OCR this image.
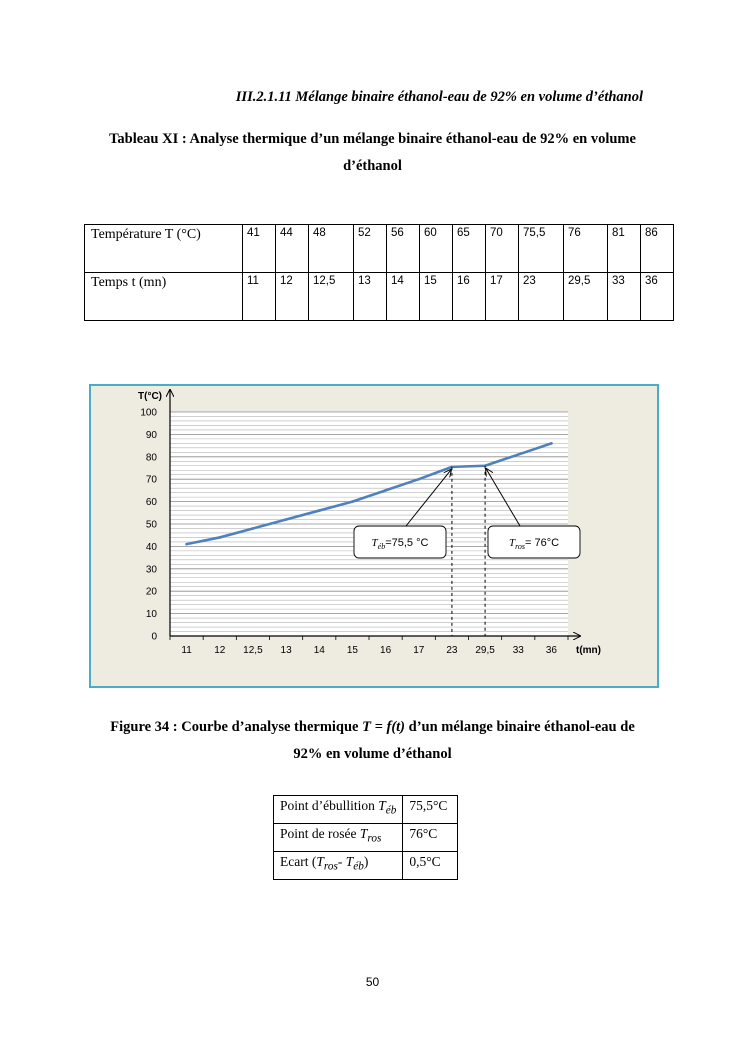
III.2.1.11 Mélange binaire éthanol-eau de 92% en volume d’éthanol
Tableau XI : Analyse thermique d’un mélange binaire éthanol-eau de 92% en volume
d’éthanol
Température T (°C)	41	44	48	52	56	60	65	70	75,5	76	81	86
Temps t (mn)	11	12	12,5	13	14	15	16	17	23	29,5	33	36
0
10
20
30
40
50
60
70
80
90
100
11 12 12,5 13 14 15 16 17 23 29,5 33 36
T(°C)
t(mn)
$T_{éb}=75,5$ °C	$T_{ros}= 76^\circ C$
Figure 34 : Courbe d’analyse thermique T = f(t) d’un mélange binaire éthanol-eau de
92% en volume d’éthanol
Point d’ébullition $T_{éb}$	75,5°C
Point de rosée $T_{ros}$	76°C
Ecart ($T_{ros}-$ $T_{éb}$)	0,5°C
50
